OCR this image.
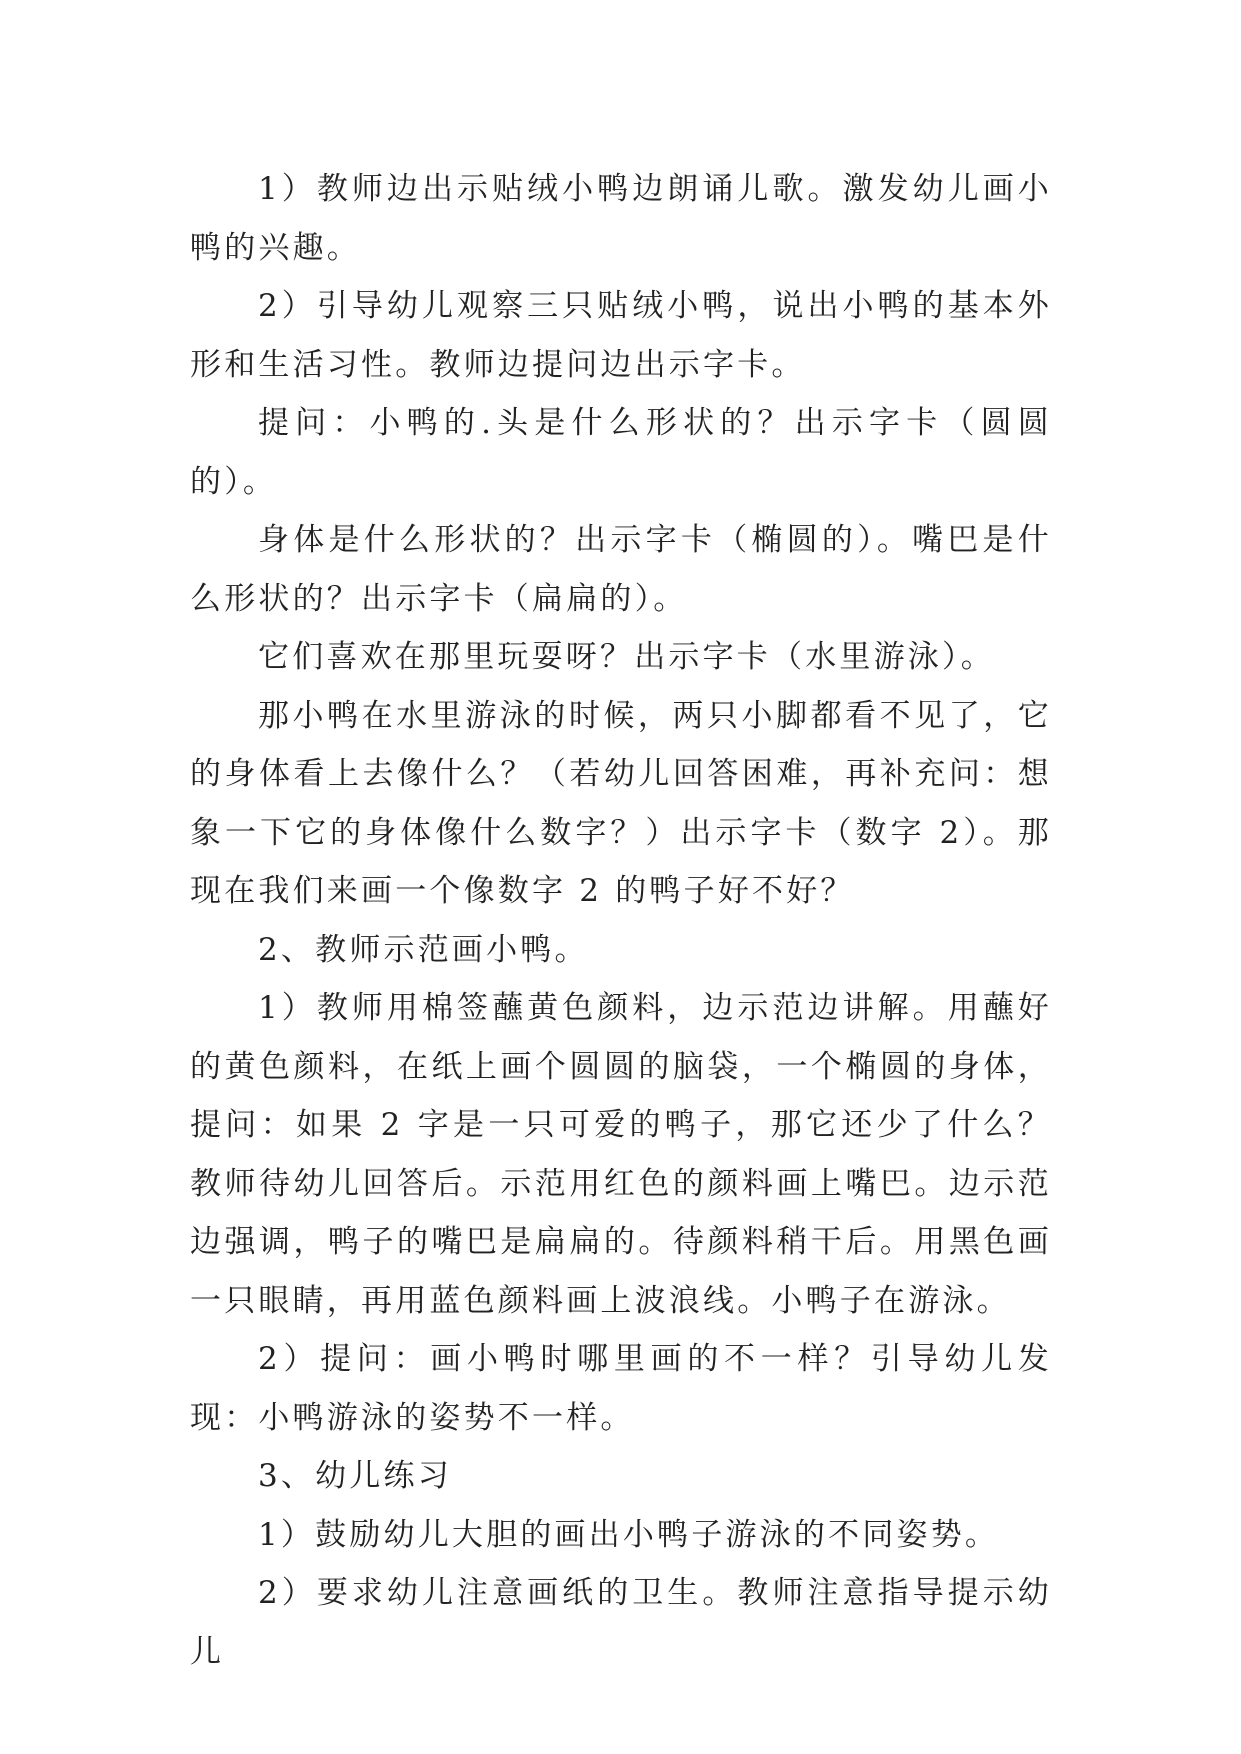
1）教师边出示贴绒小鸭边朗诵儿歌。激发幼儿画小鸭的兴趣。

2）引导幼儿观察三只贴绒小鸭，说出小鸭的基本外形和生活习性。教师边提问边出示字卡。

提问：小鸭的.头是什么形状的？出示字卡（圆圆的）。

身体是什么形状的？出示字卡（椭圆的）。嘴巴是什么形状的？出示字卡（扁扁的）。

它们喜欢在那里玩耍呀？出示字卡（水里游泳）。

那小鸭在水里游泳的时候，两只小脚都看不见了，它的身体看上去像什么？（若幼儿回答困难，再补充问：想象一下它的身体像什么数字？）出示字卡（数字 2）。那现在我们来画一个像数字 2 的鸭子好不好？

2、教师示范画小鸭。

1）教师用棉签蘸黄色颜料，边示范边讲解。用蘸好的黄色颜料，在纸上画个圆圆的脑袋，一个椭圆的身体，提问：如果 2 字是一只可爱的鸭子，那它还少了什么？教师待幼儿回答后。示范用红色的颜料画上嘴巴。边示范边强调，鸭子的嘴巴是扁扁的。待颜料稍干后。用黑色画一只眼睛，再用蓝色颜料画上波浪线。小鸭子在游泳。

2）提问：画小鸭时哪里画的不一样？引导幼儿发现：小鸭游泳的姿势不一样。

3、幼儿练习

1）鼓励幼儿大胆的画出小鸭子游泳的不同姿势。

2）要求幼儿注意画纸的卫生。教师注意指导提示幼儿
